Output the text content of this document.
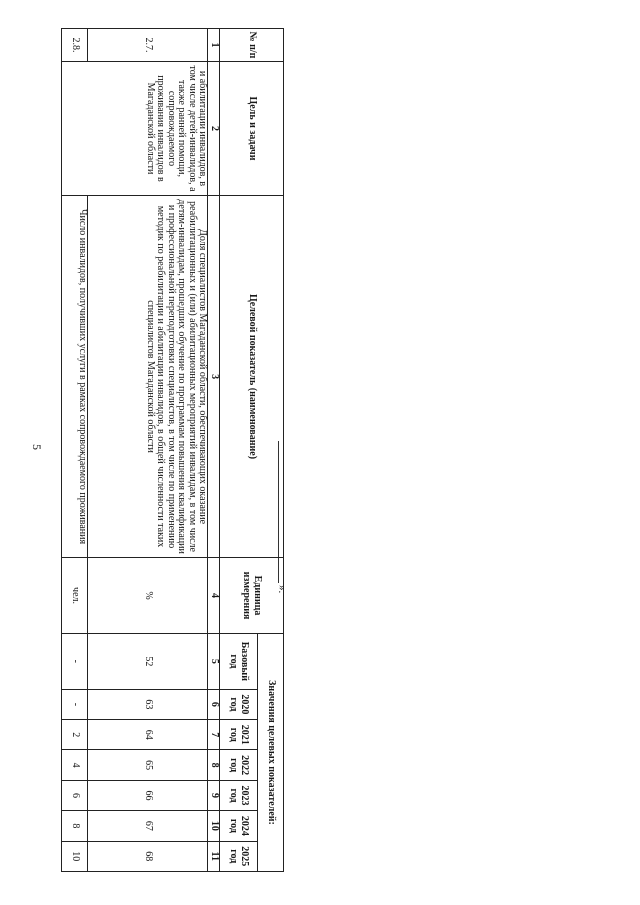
5
».
№ п/п	Цель и задачи	Целевой показатель (наименование)	Единица измерения	Значения целевых показателей:						
				Базовый год	2020 год	2021 год	2022 год	2023 год	2024 год	2025 год
1	2	3	4	5	6	7	8	9	10	11
2.7.	и абилитации инвалидов, в том числе детей-инвалидов, а также ранней помощи, сопровождаемого проживания инвалидов в Магаданской области	Доля специалистов Магаданской области, обеспечивающих оказание реабилитационных и (или) абилитационных мероприятий инвалидам, в том числе детям-инвалидам, прошедших обучение по программам повышения квалификации и профессиональной переподготовки специалистов, в том числе по применению методик по реабилитации и абилитации инвалидов, в общей численности таких специалистов Магаданской области	%	52	63	64	65	66	67	68
2.8.		Число инвалидов, получивших услуги в рамках сопровождаемого проживания	чел.	-	-	2	4	6	8	10
